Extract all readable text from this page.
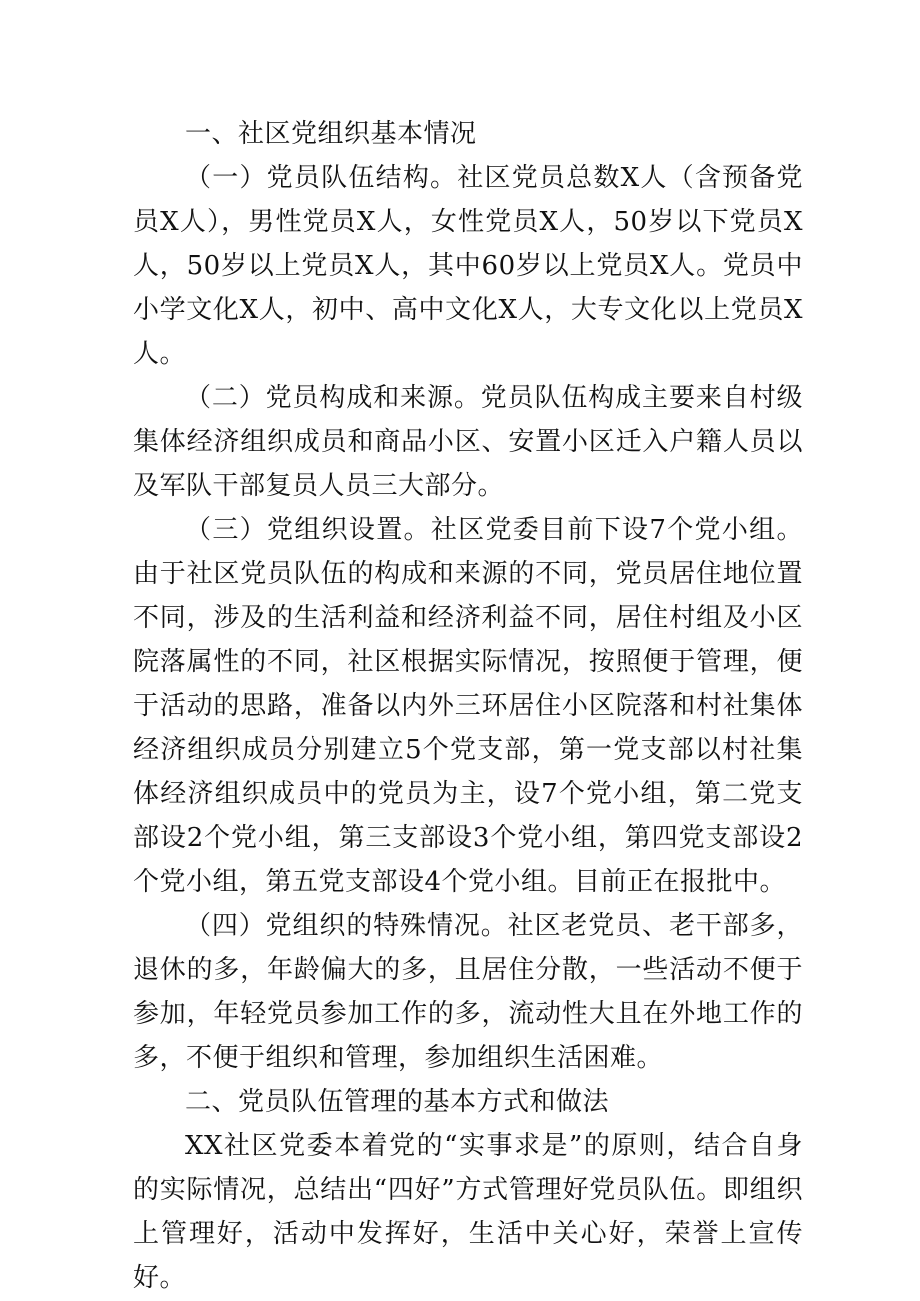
一、社区党组织基本情况

（一）党员队伍结构。社区党员总数X人（含预备党员X人），男性党员X人，女性党员X人，50岁以下党员X人，50岁以上党员X人，其中60岁以上党员X人。党员中小学文化X人，初中、高中文化X人，大专文化以上党员X人。

（二）党员构成和来源。党员队伍构成主要来自村级集体经济组织成员和商品小区、安置小区迁入户籍人员以及军队干部复员人员三大部分。

（三）党组织设置。社区党委目前下设7个党小组。由于社区党员队伍的构成和来源的不同，党员居住地位置不同，涉及的生活利益和经济利益不同，居住村组及小区院落属性的不同，社区根据实际情况，按照便于管理，便于活动的思路，准备以内外三环居住小区院落和村社集体经济组织成员分别建立5个党支部，第一党支部以村社集体经济组织成员中的党员为主，设7个党小组，第二党支部设2个党小组，第三支部设3个党小组，第四党支部设2个党小组，第五党支部设4个党小组。目前正在报批中。

（四）党组织的特殊情况。社区老党员、老干部多，退休的多，年龄偏大的多，且居住分散，一些活动不便于参加，年轻党员参加工作的多，流动性大且在外地工作的多，不便于组织和管理，参加组织生活困难。

二、党员队伍管理的基本方式和做法

XX社区党委本着党的“实事求是”的原则，结合自身的实际情况，总结出“四好”方式管理好党员队伍。即组织上管理好，活动中发挥好，生活中关心好，荣誉上宣传好。
